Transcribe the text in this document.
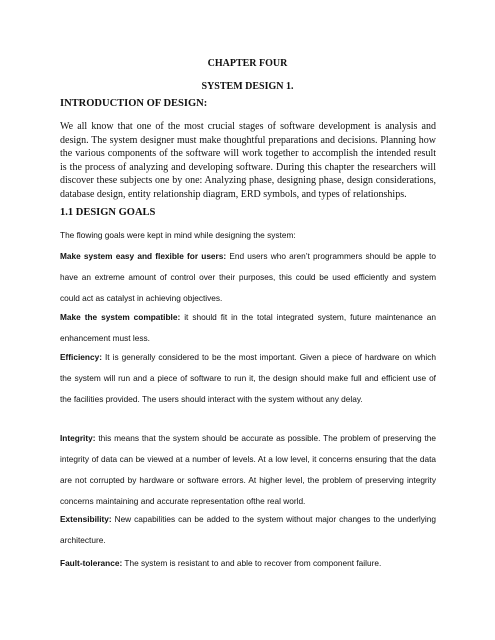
CHAPTER FOUR
SYSTEM DESIGN 1.
INTRODUCTION OF DESIGN:
We all know that one of the most crucial stages of software development is analysis and design. The system designer must make thoughtful preparations and decisions. Planning how the various components of the software will work together to accomplish the intended result is the process of analyzing and developing software. During this chapter the researchers will discover these subjects one by one: Analyzing phase, designing phase, design considerations, database design, entity relationship diagram, ERD symbols, and types of relationships.
1.1 DESIGN GOALS
The flowing goals were kept in mind while designing the system:
Make system easy and flexible for users: End users who aren’t programmers should be apple to have an extreme amount of control over their purposes, this could be used efficiently and system could act as catalyst in achieving objectives.
Make the system compatible: it should fit in the total integrated system, future maintenance an enhancement must less.
Efficiency: It is generally considered to be the most important. Given a piece of hardware on which the system will run and a piece of software to run it, the design should make full and efficient use of the facilities provided. The users should interact with the system without any delay.
Integrity: this means that the system should be accurate as possible. The problem of preserving the integrity of data can be viewed at a number of levels. At a low level, it concerns ensuring that the data are not corrupted by hardware or software errors. At higher level, the problem of preserving integrity concerns maintaining and accurate representation ofthe real world.
Extensibility: New capabilities can be added to the system without major changes to the underlying architecture.
Fault-tolerance: The system is resistant to and able to recover from component failure.
